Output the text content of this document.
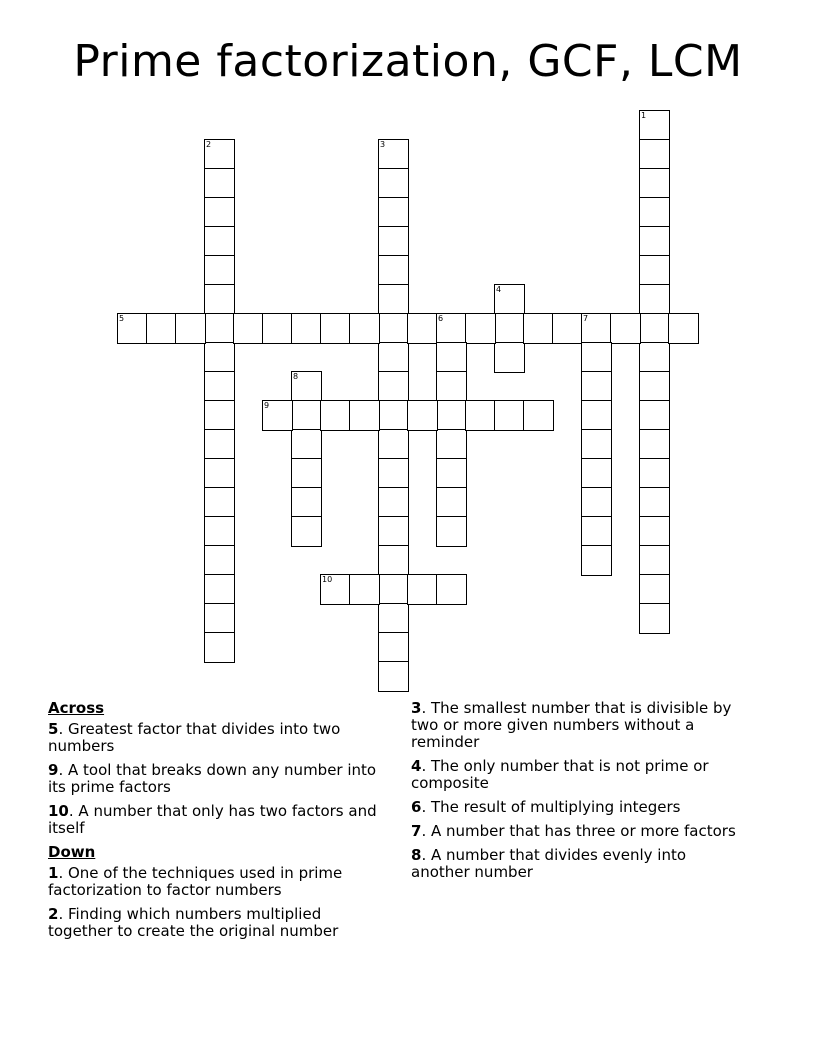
Prime factorization, GCF, LCM
1
2	3
4
5	6	7
8
9
10
Across
5. Greatest factor that divides into two numbers
9. A tool that breaks down any number into its prime factors
10. A number that only has two factors and itself
Down
1. One of the techniques used in prime factorization to factor numbers
2. Finding which numbers multiplied together to create the original number
3. The smallest number that is divisible by two or more given numbers without a reminder
4. The only number that is not prime or composite
6. The result of multiplying integers
7. A number that has three or more factors
8. A number that divides evenly into another number
